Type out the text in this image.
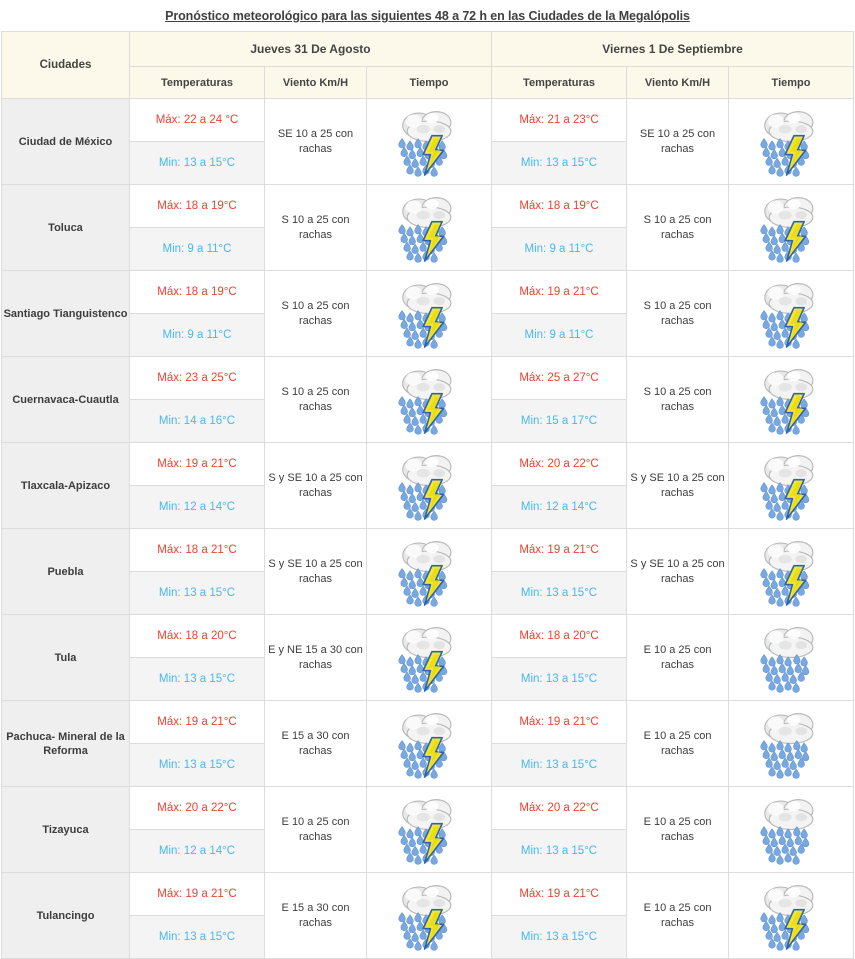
Pronóstico meteorológico para las siguientes 48 a 72 h en las Ciudades de la Megalópolis
Ciudades	Jueves 31 De Agosto			Viernes 1 De Septiembre		
	Temperaturas	Viento Km/H	Tiempo	Temperaturas	Viento Km/H	Tiempo
Ciudad de México	Máx: 22 a 24 °C	SE 10 a 25 con rachas		Máx: 21 a 23°C	SE 10 a 25 con rachas	

	Min: 13 a 15°C			Min: 13 a 15°C		
Toluca	Máx: 18 a 19°C	S 10 a 25 con rachas		Máx: 18 a 19°C	S 10 a 25 con rachas	

	Min: 9 a 11°C			Min: 9 a 11°C		
Santiago Tianguistenco	Máx: 18 a 19°C	S 10 a 25 con rachas		Máx: 19 a 21°C	S 10 a 25 con rachas	

	Min: 9 a 11°C			Min: 9 a 11°C		
Cuernavaca-Cuautla	Máx: 23 a 25°C	S 10 a 25 con rachas		Máx: 25 a 27°C	S 10 a 25 con rachas	

	Min: 14 a 16°C			Min: 15 a 17°C		
Tlaxcala-Apizaco	Máx: 19 a 21°C	S y SE 10 a 25 con rachas		Máx: 20 a 22°C	S y SE 10 a 25 con rachas	

	Min: 12 a 14°C			Min: 12 a 14°C		
Puebla	Máx: 18 a 21°C	S y SE 10 a 25 con rachas		Máx: 19 a 21°C	S y SE 10 a 25 con rachas	

	Min: 13 a 15°C			Min: 13 a 15°C		
Tula	Máx: 18 a 20°C	E y NE 15 a 30 con rachas		Máx: 18 a 20°C	E 10 a 25 con rachas	

	Min: 13 a 15°C			Min: 13 a 15°C		
Pachuca- Mineral de la Reforma	Máx: 19 a 21°C	E 15 a 30 con rachas		Máx: 19 a 21°C	E 10 a 25 con rachas	

	Min: 13 a 15°C			Min: 13 a 15°C		
Tizayuca	Máx: 20 a 22°C	E 10 a 25 con rachas		Máx: 20 a 22°C	E 10 a 25 con rachas	

	Min: 12 a 14°C			Min: 13 a 15°C		
Tulancingo	Máx: 19 a 21°C	E 15 a 30 con rachas		Máx: 19 a 21°C	E 10 a 25 con rachas	

	Min: 13 a 15°C			Min: 13 a 15°C		
